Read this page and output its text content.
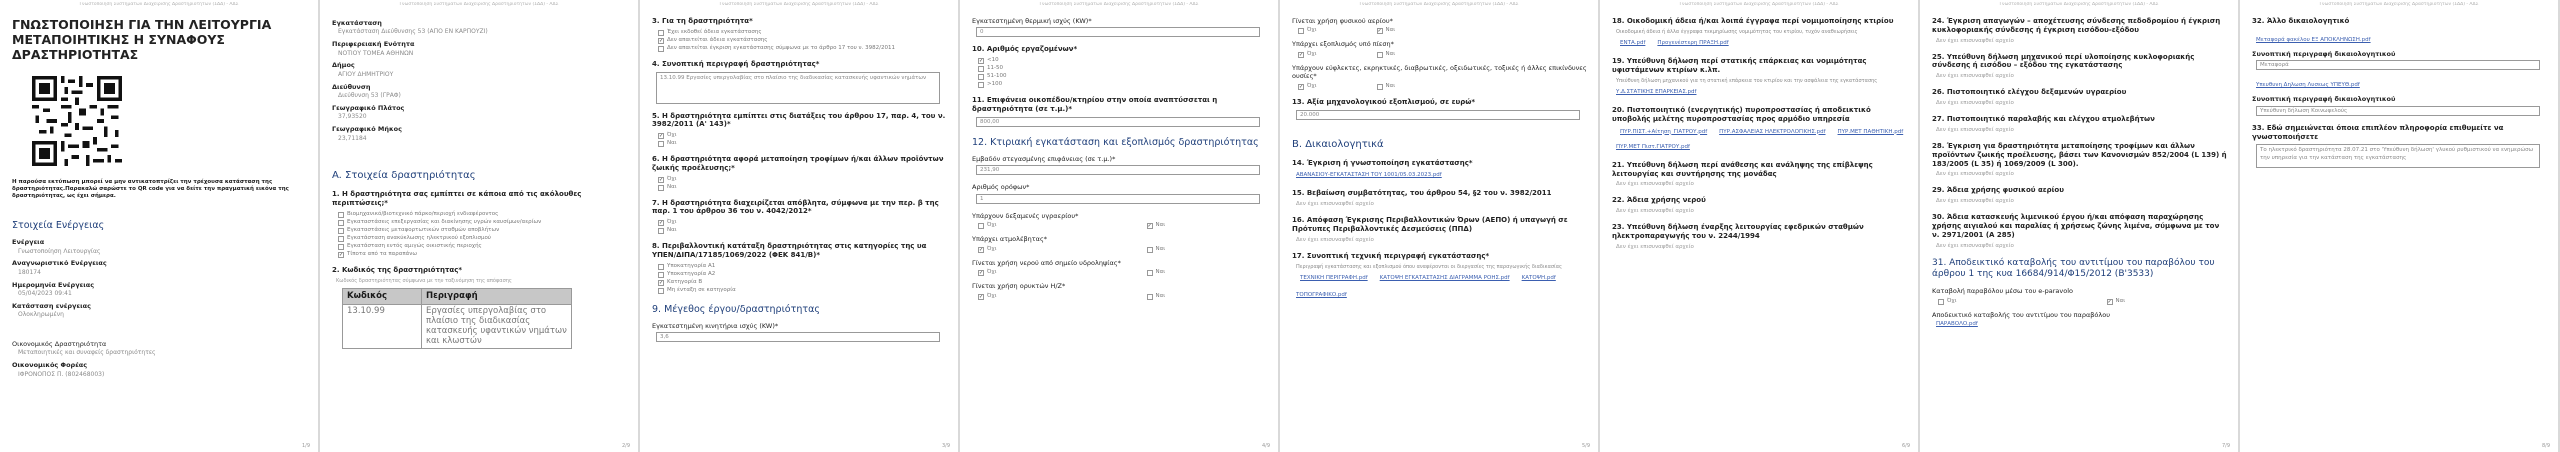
Γνωστοποίηση Συστημάτων Διαχείρισης Δραστηριοτήτων (ΣΔΔ) - ΑΔΣ
ΓΝΩΣΤΟΠΟΙΗΣΗ ΓΙΑ ΤΗΝ ΛΕΙΤΟΥΡΓΙΑ ΜΕΤΑΠΟΙΗΤΙΚΗΣ Η ΣΥΝΑΦΟΥΣ ΔΡΑΣΤΗΡΙΟΤΗΤΑΣ
Η παρούσα εκτύπωση μπορεί να μην αντικατοπτρίζει την τρέχουσα κατάσταση της δραστηριότητας.Παρακαλώ σαρώστε το QR code για να δείτε την πραγματική εικόνα της δραστηριότητας, ως έχει σήμερα.
Στοιχεία Ενέργειας
Ενέργεια
Γνωστοποίηση Λειτουργίας
Αναγνωριστικό Ενέργειας
180174
Ημερομηνία Ενέργειας
05/04/2023 09:41
Κατάσταση ενέργειας
Ολοκληρωμένη
Οικονομικός Δραστηριότητα
Μεταποιητικές και συναφείς δραστηριότητες
Οικονομικός Φορέας
ΙΦΡΟΝΟΠΟΣ Π. (802468003)
1/9
Γνωστοποίηση Συστημάτων Διαχείρισης Δραστηριοτήτων (ΣΔΔ) - ΑΔΣ
Εγκατάσταση
Εγκατάσταση Διεύθυνσης 53 (ΑΠΟ ΕΝ ΚΑΡΠΟΥΖΙ)
Περιφερειακή Ενότητα
ΝΟΤΙΟΥ ΤΟΜΕΑ ΑΘΗΝΩΝ
Δήμος
ΑΓΙΟΥ ΔΗΜΗΤΡΙΟΥ
Διεύθυνση
Διεύθυνση 53 (ΓΡΑΦ)
Γεωγραφικό Πλάτος
37,93520
Γεωγραφικό Μήκος
23,71184
A. Στοιχεία δραστηριότητας
1. Η δραστηριότητα σας εμπίπτει σε κάποια από τις ακόλουθες περιπτώσεις;*
Βιομηχανικό/βιοτεχνικό πάρκο/περιοχή ενδιαφέροντος
Εγκαταστάσεις επεξεργασίας και διακίνησης υγρών καυσίμων/αερίων
Εγκαταστάσεις μεταφορτωτικών σταθμών αποβλήτων
Εγκατάσταση ανακύκλωσης ηλεκτρικού εξοπλισμού
Εγκατάσταση εντός αμιγώς οικιστικής περιοχής
✓ Τίποτα από τα παραπάνω
2. Κωδικός της δραστηριότητας*
Κωδικός δραστηριότητας σύμφωνα με την ταξινόμηση της απόφασης
Κωδικός	Περιγραφή
13.10.99	Εργασίες υπεργολαβίας στο πλαίσιο της διαδικασίας κατασκευής υφαντικών νημάτων και κλωστών
2/9
Γνωστοποίηση Συστημάτων Διαχείρισης Δραστηριοτήτων (ΣΔΔ) - ΑΔΣ
3. Για τη δραστηριότητα*
Έχει εκδοθεί άδεια εγκατάστασης
✓ Δεν απαιτείται άδεια εγκατάστασης
Δεν απαιτείται έγκριση εγκατάστασης σύμφωνα με το άρθρο 17 του ν. 3982/2011
4. Συνοπτική περιγραφή δραστηριότητας*
13.10.99 Εργασίες υπεργολαβίας στο πλαίσιο της διαδικασίας κατασκευής υφαντικών νημάτων
5. Η δραστηριότητα εμπίπτει στις διατάξεις του άρθρου 17, παρ. 4, του ν. 3982/2011 (Α' 143)*
✓ Όχι
Ναι
6. Η δραστηριότητα αφορά μεταποίηση τροφίμων ή/και άλλων προϊόντων ζωικής προέλευσης;*
✓ Όχι
Ναι
7. Η δραστηριότητα διαχειρίζεται απόβλητα, σύμφωνα με την περ. β της παρ. 1 του άρθρου 36 του ν. 4042/2012*
✓ Όχι
Ναι
8. Περιβαλλοντική κατάταξη δραστηριότητας στις κατηγορίες της υα ΥΠΕΝ/ΔΙΠΑ/17185/1069/2022 (ΦΕΚ 841/Β)*
Υποκατηγορία Α1
Υποκατηγορία Α2
✓ Κατηγορία Β
Μη ένταξη σε κατηγορία
9. Μέγεθος έργου/δραστηριότητας
Εγκατεστημένη κινητήρια ισχύς (KW)*
3,6
3/9
Γνωστοποίηση Συστημάτων Διαχείρισης Δραστηριοτήτων (ΣΔΔ) - ΑΔΣ
Εγκατεστημένη θερμική ισχύς (KW)*
0
10. Αριθμός εργαζομένων*
✓ <10
11-50
51-100
>100
11. Επιφάνεια οικοπέδου/κτηρίου στην οποία αναπτύσσεται η δραστηριότητα (σε τ.μ.)*
800,00
12. Κτιριακή εγκατάσταση και εξοπλισμός δραστηριότητας
Εμβαδόν στεγασμένης επιφάνειας (σε τ.μ.)*
231,90
Αριθμός ορόφων*
1
Υπάρχουν δεξαμενές υγραερίου*
Όχι	✓ Ναι
Υπάρχει ατμολέβητας*
✓ Όχι	Ναι
Γίνεται χρήση νερού από σημείο υδροληψίας*
✓ Όχι	Ναι
Γίνεται χρήση ορυκτών Η/Ζ*
✓ Όχι	Ναι
4/9
Γνωστοποίηση Συστημάτων Διαχείρισης Δραστηριοτήτων (ΣΔΔ) - ΑΔΣ
Γίνεται χρήση φυσικού αερίου*
Όχι	✓ Ναι
Υπάρχει εξοπλισμός υπό πίεση*
✓ Όχι	Ναι
Υπάρχουν εύφλεκτες, εκρηκτικές, διαβρωτικές, οξειδωτικές, τοξικές ή άλλες επικίνδυνες ουσίες*
✓ Όχι	Ναι
13. Αξία μηχανολογικού εξοπλισμού, σε ευρώ*
20.000
B. Δικαιολογητικά
14. Έγκριση ή γνωστοποίηση εγκατάστασης*
ΑΒΑΝΑΣΙΟΥ-ΕΓΚΑΤΑΣΤΑΣΗ ΤΟΥ 1001/05.03.2023.pdf
15. Βεβαίωση συμβατότητας, του άρθρου 54, §2 του ν. 3982/2011
Δεν έχει επισυναφθεί αρχείο
16. Απόφαση Έγκρισης Περιβαλλοντικών Όρων (ΑΕΠΟ) ή υπαγωγή σε Πρότυπες Περιβαλλοντικές Δεσμεύσεις (ΠΠΔ)
Δεν έχει επισυναφθεί αρχείο
17. Συνοπτική τεχνική περιγραφή εγκατάστασης*
Περιγραφή εγκατάστασης και εξοπλισμού όπου αναφέρονται οι διεργασίες της παραγωγικής διαδικασίας
ΤΕΧΝΙΚΗ ΠΕΡΙΓΡΑΦΗ.pdf ΚΑΤΟΨΗ ΕΓΚΑΤΑΣΤΑΣΗΣ ΔΙΑΓΡΑΜΜΑ ΡΟΗΣ.pdf ΚΑΤΟΨΗ.pdf
ΤΟΠΟΓΡΑΦΙΚΟ.pdf
5/9
Γνωστοποίηση Συστημάτων Διαχείρισης Δραστηριοτήτων (ΣΔΔ) - ΑΔΣ
18. Οικοδομική άδεια ή/και λοιπά έγγραφα περί νομιμοποίησης κτιρίου
Οικοδομική άδεια ή άλλα έγγραφα τεκμηρίωσης νομιμότητας του κτιρίου, τυχόν αναθεωρήσεις
ΕΝΤΑ.pdf Προγενέστερη ΠΡΑΞΗ.pdf
19. Υπεύθυνη δήλωση περί στατικής επάρκειας και νομιμότητας υφιστάμενων κτιρίων κ.λπ.
Υπεύθυνη δήλωση μηχανικού για τη στατική επάρκεια του κτιρίου και την ασφάλεια της εγκατάστασης
Υ.Δ.ΣΤΑΤΙΚΗΣ ΕΠΑΡΚΕΙΑΣ.pdf
20. Πιστοποιητικό (ενεργητικής) πυροπροστασίας ή αποδεικτικό υποβολής μελέτης πυροπροστασίας προς αρμόδιο υπηρεσία
ΠΥΡ.ΠΙΣΤ.+Αίτηση_ΓΙΑΤΡΟΥ.pdf ΠΥΡ.ΑΣΦΑΛΕΙΑΣ ΗΛΕΚΤΡΟΛΟΓΙΚΗΣ.pdf ΠΥΡ.ΜΕΤ ΠΑΘΗΤΙΚΗ.pdf
ΠΥΡ.ΜΕΤ Πιστ.ΓΙΑΤΡΟΥ.pdf
21. Υπεύθυνη δήλωση περί ανάθεσης και ανάληψης της επίβλεψης λειτουργίας και συντήρησης της μονάδας
Δεν έχει επισυναφθεί αρχείο
22. Άδεια χρήσης νερού
Δεν έχει επισυναφθεί αρχείο
23. Υπεύθυνη δήλωση έναρξης λειτουργίας εφεδρικών σταθμών ηλεκτροπαραγωγής του ν. 2244/1994
Δεν έχει επισυναφθεί αρχείο
6/9
Γνωστοποίηση Συστημάτων Διαχείρισης Δραστηριοτήτων (ΣΔΔ) - ΑΔΣ
24. Έγκριση απαγωγών – αποχέτευσης σύνδεσης πεδοδρομίου ή έγκριση κυκλοφοριακής σύνδεσης ή έγκριση εισόδου-εξόδου
Δεν έχει επισυναφθεί αρχείο
25. Υπεύθυνη δήλωση μηχανικού περί υλοποίησης κυκλοφοριακής σύνδεσης ή εισόδου – εξόδου της εγκατάστασης
Δεν έχει επισυναφθεί αρχείο
26. Πιστοποιητικό ελέγχου δεξαμενών υγραερίου
Δεν έχει επισυναφθεί αρχείο
27. Πιστοποιητικό παραλαβής και ελέγχου ατμολεβήτων
Δεν έχει επισυναφθεί αρχείο
28. Έγκριση για δραστηριότητα μεταποίησης τροφίμων και άλλων προϊόντων ζωικής προέλευσης, βάσει των Κανονισμών 852/2004 (L 139) ή 183/2005 (L 35) ή 1069/2009 (L 300).
Δεν έχει επισυναφθεί αρχείο
29. Άδεια χρήσης φυσικού αερίου
Δεν έχει επισυναφθεί αρχείο
30. Άδεια κατασκευής λιμενικού έργου ή/και απόφαση παραχώρησης χρήσης αιγιαλού και παραλίας ή χρήσεως ζώνης λιμένα, σύμφωνα με τον ν. 2971/2001 (Α 285)
Δεν έχει επισυναφθεί αρχείο
31. Αποδεικτικό καταβολής του αντιτίμου του παραβόλου του άρθρου 1 της κυα 16684/914/Φ15/2012 (Β'3533)
Καταβολή παραβόλου μέσω του e-paravolo
Όχι	✓ Ναι
Αποδεικτικό καταβολής του αντιτίμου του παραβόλου
ΠΑΡΑΒΟΛΟ.pdf
7/9
Γνωστοποίηση Συστημάτων Διαχείρισης Δραστηριοτήτων (ΣΔΔ) - ΑΔΣ
32. Άλλο δικαιολογητικό
Μεταφορά φακέλου ΕΞ ΑΠΟΚΛΗΝΩΣΗ.pdf
Συνοπτική περιγραφή δικαιολογητικού
Μεταφορά
Υπευθυνη Δηλωση Λυσεως ΥΠΕΥΘ.pdf
Συνοπτική περιγραφή δικαιολογητικού
Υπεύθυνη δήλωση Κοινωφελούς
33. Εδώ σημειώνεται όποια επιπλέον πληροφορία επιθυμείτε να γνωστοποιήσετε
Το ηλεκτρικό δραστηριότητα 28.07.21 στο 'Υπεύθυνη δήλωση' γλυκού ρυθμιστικού να ενημερώσω την υπηρεσία για την κατάσταση της εγκατάστασης
8/9
